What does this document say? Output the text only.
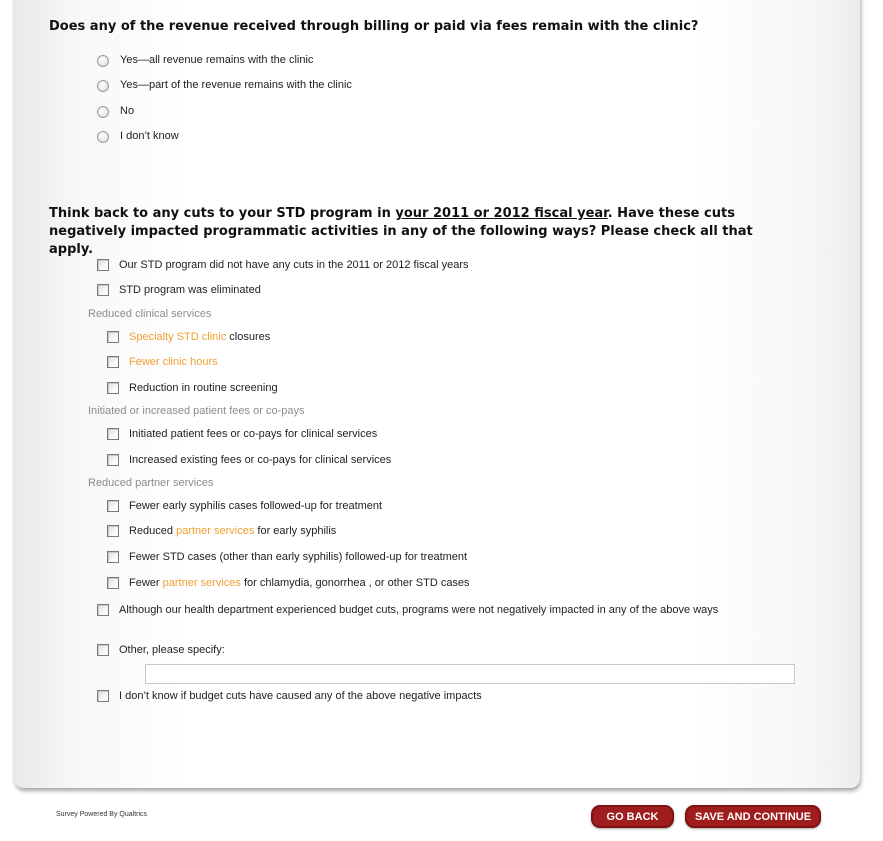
Does any of the revenue received through billing or paid via fees remain with the clinic?

Yes—all revenue remains with the clinic
Yes—part of the revenue remains with the clinic
No
I don’t know

Think back to any cuts to your STD program in your 2011 or 2012 fiscal year. Have these cuts negatively impacted programmatic activities in any of the following ways? Please check all that apply.

Our STD program did not have any cuts in the 2011 or 2012 fiscal years
STD program was eliminated
Reduced clinical services
Specialty STD clinic closures
Fewer clinic hours
Reduction in routine screening
Initiated or increased patient fees or co-pays
Initiated patient fees or co-pays for clinical services
Increased existing fees or co-pays for clinical services
Reduced partner services
Fewer early syphilis cases followed-up for treatment
Reduced partner services for early syphilis
Fewer STD cases (other than early syphilis) followed-up for treatment
Fewer partner services for chlamydia, gonorrhea , or other STD cases
Although our health department experienced budget cuts, programs were not negatively impacted in any of the above ways
Other, please specify:
I don’t know if budget cuts have caused any of the above negative impacts
Survey Powered By Qualtrics	GO BACK	SAVE AND CONTINUE
